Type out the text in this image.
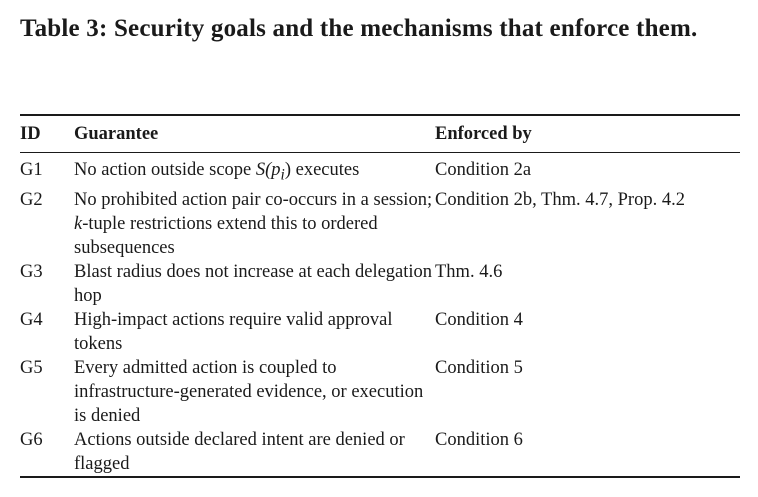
Table 3: Security goals and the mechanisms that enforce them.
ID	Guarantee	Enforced by
G1	No action outside scope $S(p_i)$ executes	Condition 2a
G2	No prohibited action pair co-occurs in a session; k-tuple restrictions extend this to ordered subsequences	Condition 2b, Thm. 4.7, Prop. 4.2
G3	Blast radius does not increase at each delegation hop	Thm. 4.6
G4	High-impact actions require valid approval tokens	Condition 4
G5	Every admitted action is coupled to infrastructure-generated evidence, or execution is denied	Condition 5
G6	Actions outside declared intent are denied or flagged	Condition 6
